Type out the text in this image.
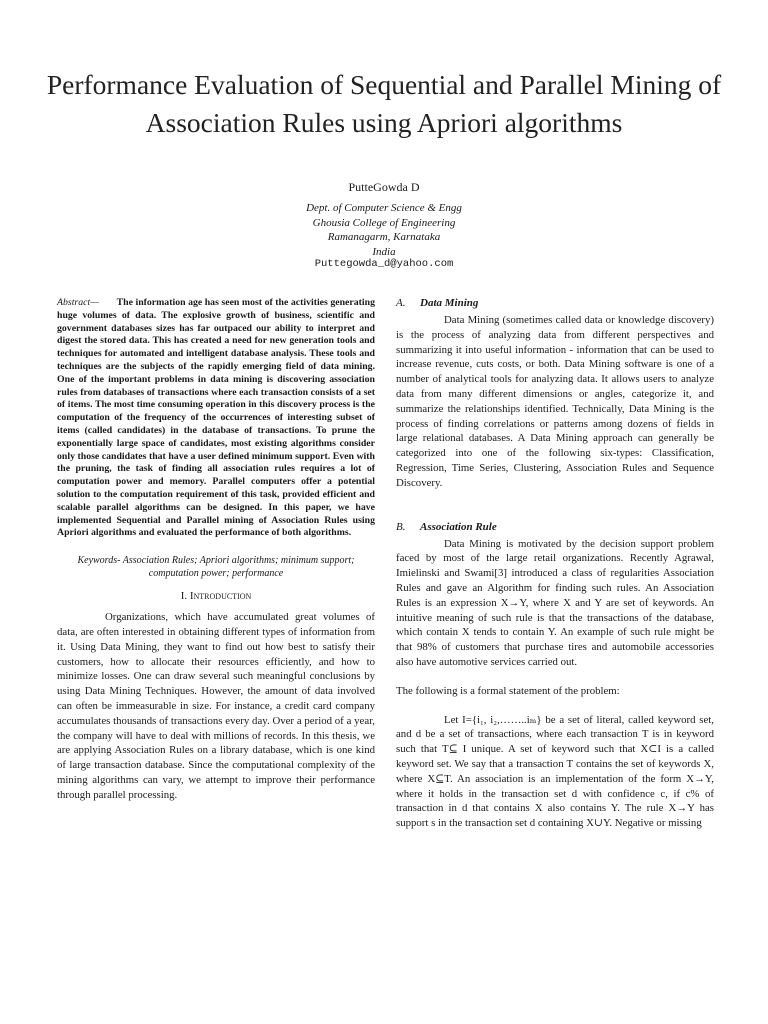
Performance Evaluation of Sequential and Parallel Mining of Association Rules using Apriori algorithms
PutteGowda D
Dept. of Computer Science & Engg
Ghousia College of Engineering
Ramanagarm, Karnataka
India
Puttegowda_d@yahoo.com

Abstract— The information age has seen most of the activities generating huge volumes of data. The explosive growth of business, scientific and government databases sizes has far outpaced our ability to interpret and digest the stored data. This has created a need for new generation tools and techniques for automated and intelligent database analysis. These tools and techniques are the subjects of the rapidly emerging field of data mining. One of the important problems in data mining is discovering association rules from databases of transactions where each transaction consists of a set of items. The most time consuming operation in this discovery process is the computation of the frequency of the occurrences of interesting subset of items (called candidates) in the database of transactions. To prune the exponentially large space of candidates, most existing algorithms consider only those candidates that have a user defined minimum support. Even with the pruning, the task of finding all association rules requires a lot of computation power and memory. Parallel computers offer a potential solution to the computation requirement of this task, provided efficient and scalable parallel algorithms can be designed. In this paper, we have implemented Sequential and Parallel mining of Association Rules using Apriori algorithms and evaluated the performance of both algorithms.

Keywords- Association Rules; Apriori algorithms; minimum support; computation power; performance

I. Introduction

Organizations, which have accumulated great volumes of data, are often interested in obtaining different types of information from it. Using Data Mining, they want to find out how best to satisfy their customers, how to allocate their resources efficiently, and how to minimize losses. One can draw several such meaningful conclusions by using Data Mining Techniques. However, the amount of data involved can often be immeasurable in size. For instance, a credit card company accumulates thousands of transactions every day. Over a period of a year, the company will have to deal with millions of records. In this thesis, we are applying Association Rules on a library database, which is one kind of large transaction database. Since the computational complexity of the mining algorithms can vary, we attempt to improve their performance through parallel processing.

A. Data Mining

Data Mining (sometimes called data or knowledge discovery) is the process of analyzing data from different perspectives and summarizing it into useful information - information that can be used to increase revenue, cuts costs, or both. Data Mining software is one of a number of analytical tools for analyzing data. It allows users to analyze data from many different dimensions or angles, categorize it, and summarize the relationships identified. Technically, Data Mining is the process of finding correlations or patterns among dozens of fields in large relational databases. A Data Mining approach can generally be categorized into one of the following six-types: Classification, Regression, Time Series, Clustering, Association Rules and Sequence Discovery.

B. Association Rule

Data Mining is motivated by the decision support problem faced by most of the large retail organizations. Recently Agrawal, Imielinski and Swami[3] introduced a class of regularities Association Rules and gave an Algorithm for finding such rules. An Association Rules is an expression X→Y, where X and Y are set of keywords. An intuitive meaning of such rule is that the transactions of the database, which contain X tends to contain Y. An example of such rule might be that 98% of customers that purchase tires and automobile accessories also have automotive services carried out.

The following is a formal statement of the problem:

Let I={i₁, i₂,……..iₘ} be a set of literal, called keyword set, and d be a set of transactions, where each transaction T is in keyword such that T⊆ I unique. A set of keyword such that X⊂I is a called keyword set. We say that a transaction T contains the set of keywords X, where X⊆T. An association is an implementation of the form X→Y, where it holds in the transaction set d with confidence c, if c% of transaction in d that contains X also contains Y. The rule X→Y has support s in the transaction set d containing X∪Y. Negative or missing
